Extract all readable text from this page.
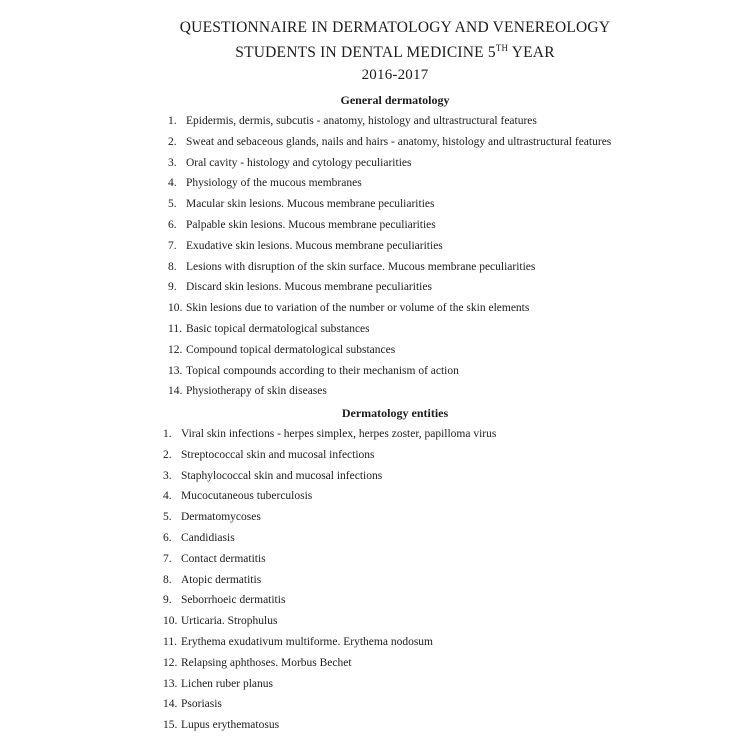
QUESTIONNAIRE IN DERMATOLOGY AND VENEREOLOGY
STUDENTS IN DENTAL MEDICINE 5TH YEAR
2016-2017
General dermatology
1. Epidermis, dermis, subcutis - anatomy, histology and ultrastructural features
2. Sweat and sebaceous glands, nails and hairs - anatomy, histology and ultrastructural features
3. Oral cavity - histology and cytology peculiarities
4. Physiology of the mucous membranes
5. Macular skin lesions. Mucous membrane peculiarities
6. Palpable skin lesions. Mucous membrane peculiarities
7. Exudative skin lesions. Mucous membrane peculiarities
8. Lesions with disruption of the skin surface. Mucous membrane peculiarities
9. Discard skin lesions. Mucous membrane peculiarities
10. Skin lesions due to variation of the number or volume of the skin elements
11. Basic topical dermatological substances
12. Compound topical dermatological substances
13. Topical compounds according to their mechanism of action
14. Physiotherapy of skin diseases
Dermatology entities
1. Viral skin infections - herpes simplex, herpes zoster, papilloma virus
2. Streptococcal skin and mucosal infections
3. Staphylococcal skin and mucosal infections
4. Mucocutaneous tuberculosis
5. Dermatomycoses
6. Candidiasis
7. Contact dermatitis
8. Atopic dermatitis
9. Seborrhoeic dermatitis
10. Urticaria. Strophulus
11. Erythema exudativum multiforme. Erythema nodosum
12. Relapsing aphthoses. Morbus Bechet
13. Lichen ruber planus
14. Psoriasis
15. Lupus erythematosus
